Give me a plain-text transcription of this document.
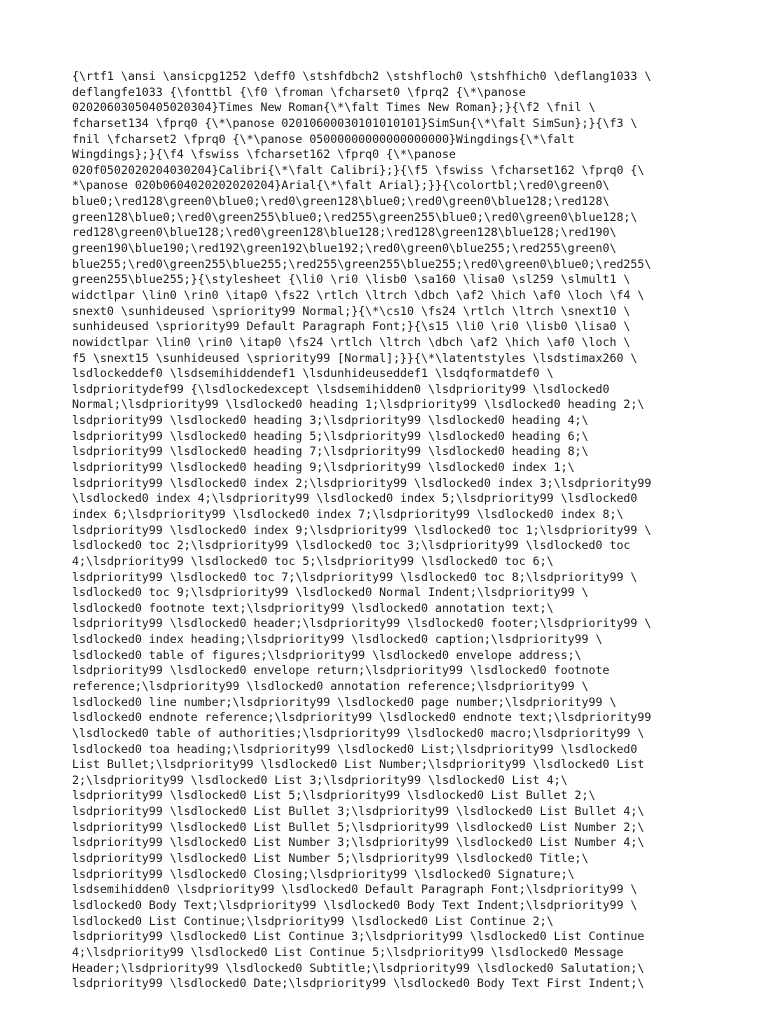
{\rtf1 \ansi \ansicpg1252 \deff0 \stshfdbch2 \stshfloch0 \stshfhich0 \deflang1033 \
deflangfe1033 {\fonttbl {\f0 \froman \fcharset0 \fprq2 {\*\panose
02020603050405020304}Times New Roman{\*\falt Times New Roman};}{\f2 \fnil \
fcharset134 \fprq0 {\*\panose 02010600030101010101}SimSun{\*\falt SimSun};}{\f3 \
fnil \fcharset2 \fprq0 {\*\panose 05000000000000000000}Wingdings{\*\falt
Wingdings};}{\f4 \fswiss \fcharset162 \fprq0 {\*\panose
020f0502020204030204}Calibri{\*\falt Calibri};}{\f5 \fswiss \fcharset162 \fprq0 {\
*\panose 020b0604020202020204}Arial{\*\falt Arial};}}{\colortbl;\red0\green0\
blue0;\red128\green0\blue0;\red0\green128\blue0;\red0\green0\blue128;\red128\
green128\blue0;\red0\green255\blue0;\red255\green255\blue0;\red0\green0\blue128;\
red128\green0\blue128;\red0\green128\blue128;\red128\green128\blue128;\red190\
green190\blue190;\red192\green192\blue192;\red0\green0\blue255;\red255\green0\
blue255;\red0\green255\blue255;\red255\green255\blue255;\red0\green0\blue0;\red255\
green255\blue255;}{\stylesheet {\li0 \ri0 \lisb0 \sa160 \lisa0 \sl259 \slmult1 \
widctlpar \lin0 \rin0 \itap0 \fs22 \rtlch \ltrch \dbch \af2 \hich \af0 \loch \f4 \
snext0 \sunhideused \spriority99 Normal;}{\*\cs10 \fs24 \rtlch \ltrch \snext10 \
sunhideused \spriority99 Default Paragraph Font;}{\s15 \li0 \ri0 \lisb0 \lisa0 \
nowidctlpar \lin0 \rin0 \itap0 \fs24 \rtlch \ltrch \dbch \af2 \hich \af0 \loch \
f5 \snext15 \sunhideused \spriority99 [Normal];}}{\*\latentstyles \lsdstimax260 \
lsdlockeddef0 \lsdsemihiddendef1 \lsdunhideuseddef1 \lsdqformatdef0 \
lsdprioritydef99 {\lsdlockedexcept \lsdsemihidden0 \lsdpriority99 \lsdlocked0
Normal;\lsdpriority99 \lsdlocked0 heading 1;\lsdpriority99 \lsdlocked0 heading 2;\
lsdpriority99 \lsdlocked0 heading 3;\lsdpriority99 \lsdlocked0 heading 4;\
lsdpriority99 \lsdlocked0 heading 5;\lsdpriority99 \lsdlocked0 heading 6;\
lsdpriority99 \lsdlocked0 heading 7;\lsdpriority99 \lsdlocked0 heading 8;\
lsdpriority99 \lsdlocked0 heading 9;\lsdpriority99 \lsdlocked0 index 1;\
lsdpriority99 \lsdlocked0 index 2;\lsdpriority99 \lsdlocked0 index 3;\lsdpriority99
\lsdlocked0 index 4;\lsdpriority99 \lsdlocked0 index 5;\lsdpriority99 \lsdlocked0
index 6;\lsdpriority99 \lsdlocked0 index 7;\lsdpriority99 \lsdlocked0 index 8;\
lsdpriority99 \lsdlocked0 index 9;\lsdpriority99 \lsdlocked0 toc 1;\lsdpriority99 \
lsdlocked0 toc 2;\lsdpriority99 \lsdlocked0 toc 3;\lsdpriority99 \lsdlocked0 toc
4;\lsdpriority99 \lsdlocked0 toc 5;\lsdpriority99 \lsdlocked0 toc 6;\
lsdpriority99 \lsdlocked0 toc 7;\lsdpriority99 \lsdlocked0 toc 8;\lsdpriority99 \
lsdlocked0 toc 9;\lsdpriority99 \lsdlocked0 Normal Indent;\lsdpriority99 \
lsdlocked0 footnote text;\lsdpriority99 \lsdlocked0 annotation text;\
lsdpriority99 \lsdlocked0 header;\lsdpriority99 \lsdlocked0 footer;\lsdpriority99 \
lsdlocked0 index heading;\lsdpriority99 \lsdlocked0 caption;\lsdpriority99 \
lsdlocked0 table of figures;\lsdpriority99 \lsdlocked0 envelope address;\
lsdpriority99 \lsdlocked0 envelope return;\lsdpriority99 \lsdlocked0 footnote
reference;\lsdpriority99 \lsdlocked0 annotation reference;\lsdpriority99 \
lsdlocked0 line number;\lsdpriority99 \lsdlocked0 page number;\lsdpriority99 \
lsdlocked0 endnote reference;\lsdpriority99 \lsdlocked0 endnote text;\lsdpriority99
\lsdlocked0 table of authorities;\lsdpriority99 \lsdlocked0 macro;\lsdpriority99 \
lsdlocked0 toa heading;\lsdpriority99 \lsdlocked0 List;\lsdpriority99 \lsdlocked0
List Bullet;\lsdpriority99 \lsdlocked0 List Number;\lsdpriority99 \lsdlocked0 List
2;\lsdpriority99 \lsdlocked0 List 3;\lsdpriority99 \lsdlocked0 List 4;\
lsdpriority99 \lsdlocked0 List 5;\lsdpriority99 \lsdlocked0 List Bullet 2;\
lsdpriority99 \lsdlocked0 List Bullet 3;\lsdpriority99 \lsdlocked0 List Bullet 4;\
lsdpriority99 \lsdlocked0 List Bullet 5;\lsdpriority99 \lsdlocked0 List Number 2;\
lsdpriority99 \lsdlocked0 List Number 3;\lsdpriority99 \lsdlocked0 List Number 4;\
lsdpriority99 \lsdlocked0 List Number 5;\lsdpriority99 \lsdlocked0 Title;\
lsdpriority99 \lsdlocked0 Closing;\lsdpriority99 \lsdlocked0 Signature;\
lsdsemihidden0 \lsdpriority99 \lsdlocked0 Default Paragraph Font;\lsdpriority99 \
lsdlocked0 Body Text;\lsdpriority99 \lsdlocked0 Body Text Indent;\lsdpriority99 \
lsdlocked0 List Continue;\lsdpriority99 \lsdlocked0 List Continue 2;\
lsdpriority99 \lsdlocked0 List Continue 3;\lsdpriority99 \lsdlocked0 List Continue
4;\lsdpriority99 \lsdlocked0 List Continue 5;\lsdpriority99 \lsdlocked0 Message
Header;\lsdpriority99 \lsdlocked0 Subtitle;\lsdpriority99 \lsdlocked0 Salutation;\
lsdpriority99 \lsdlocked0 Date;\lsdpriority99 \lsdlocked0 Body Text First Indent;\
